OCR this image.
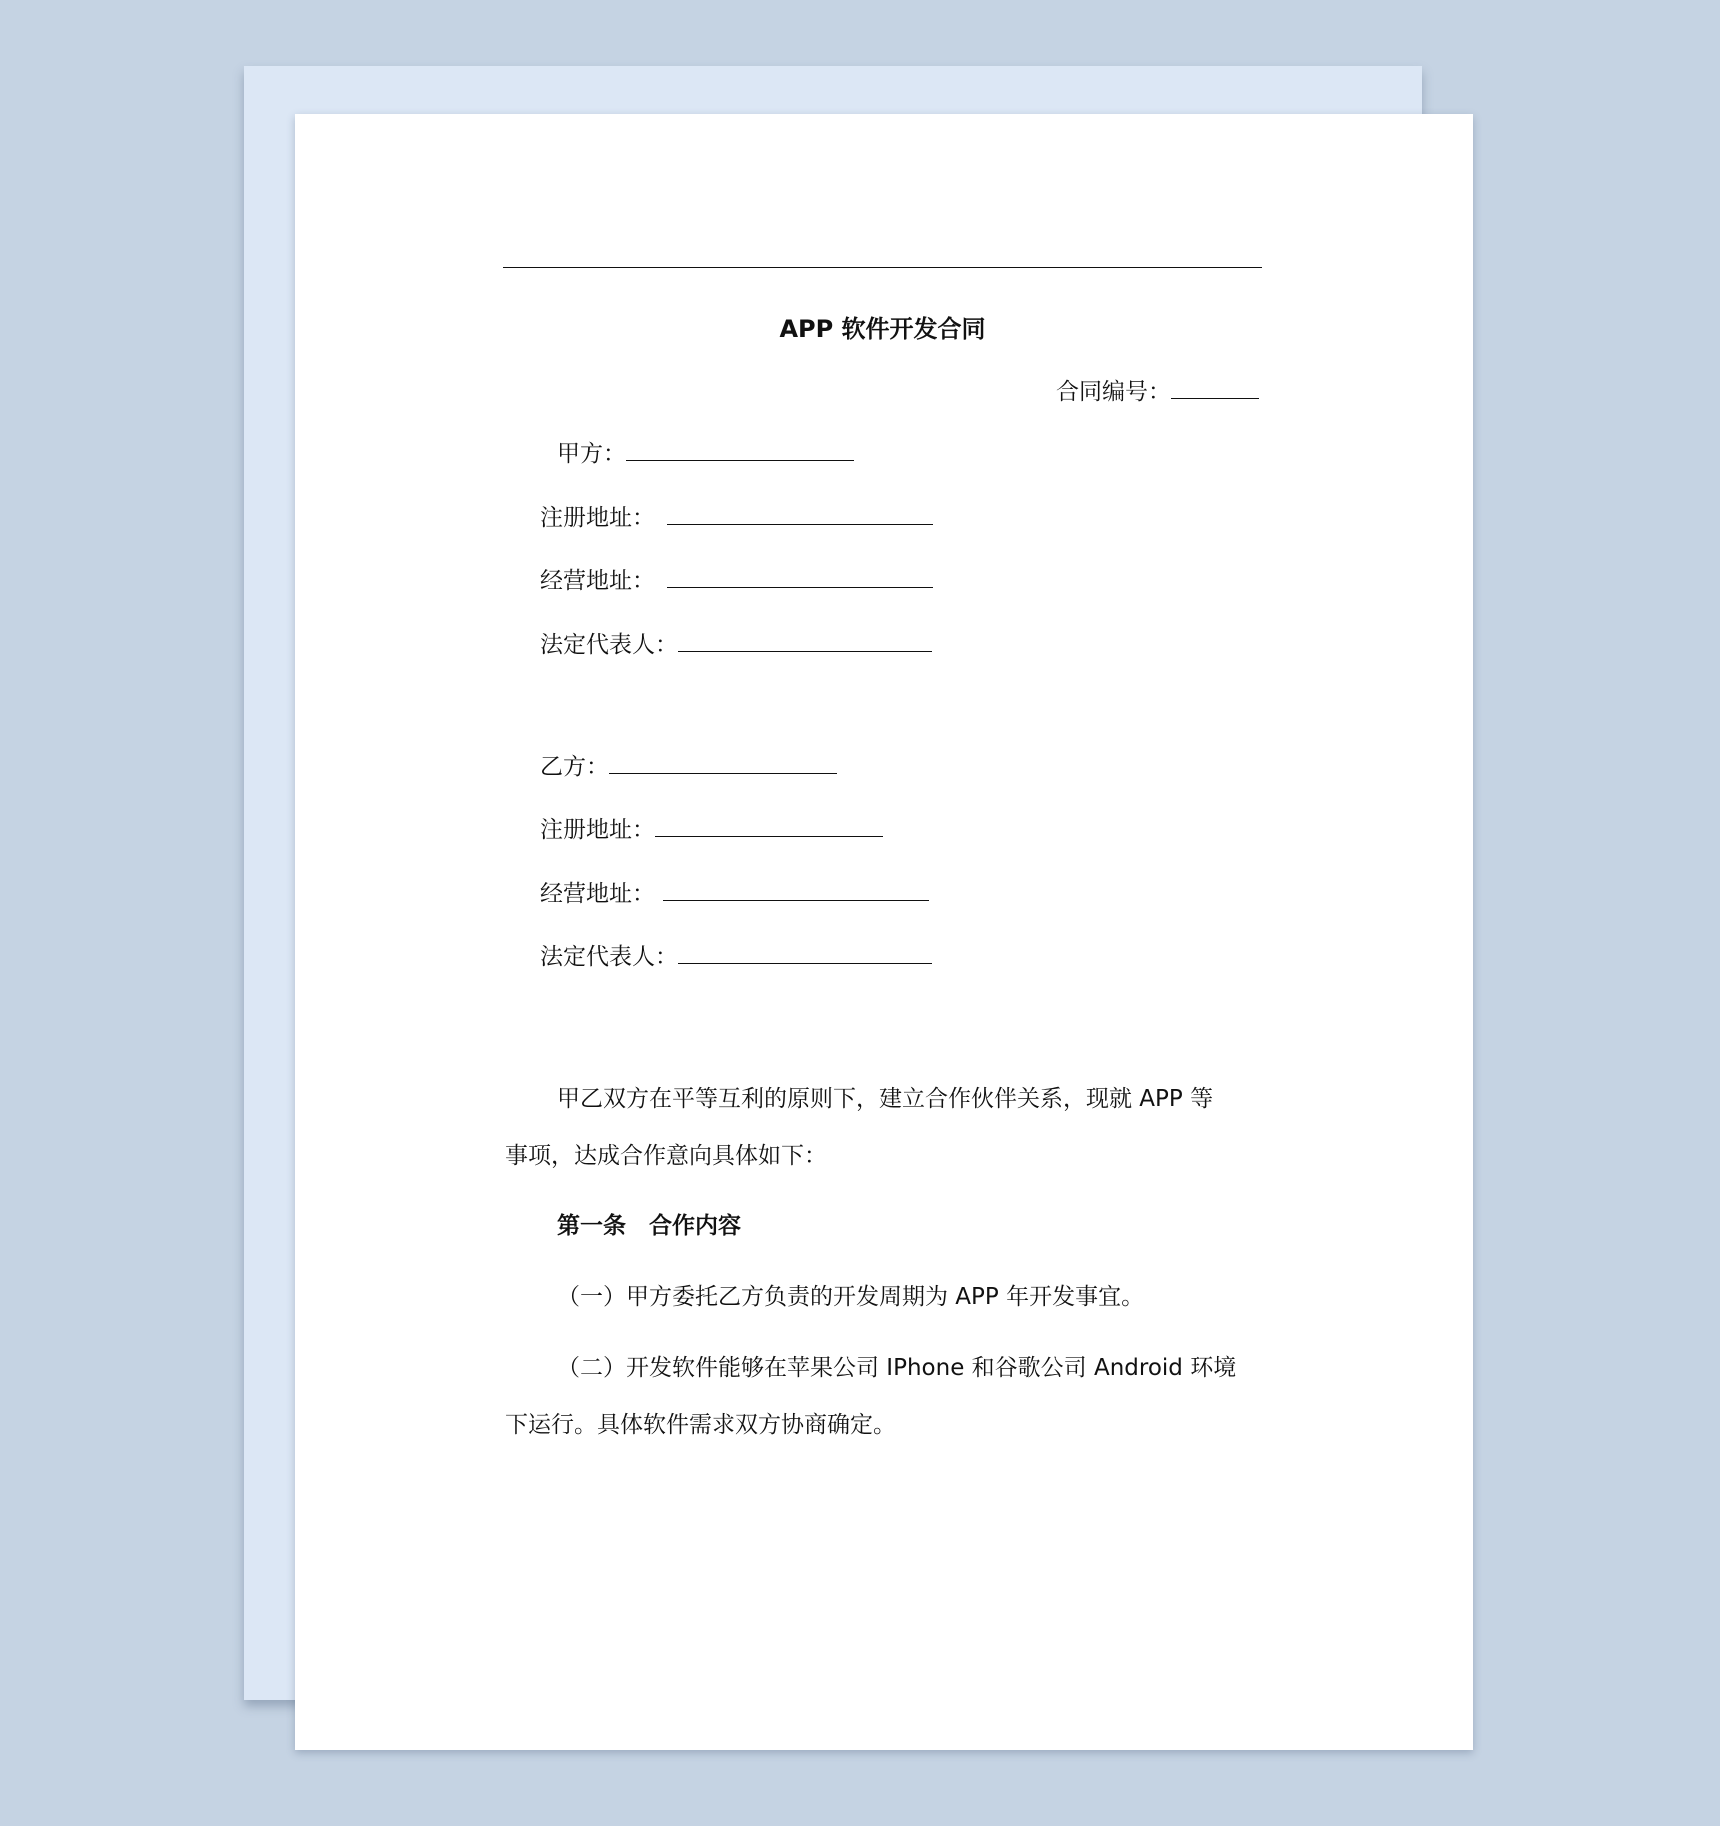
APP 软件开发合同
合同编号：
甲方：
注册地址：
经营地址：
法定代表人：
乙方：
注册地址：
经营地址：
法定代表人：
甲乙双方在平等互利的原则下，建立合作伙伴关系，现就 APP 等
事项，达成合作意向具体如下：
第一条　合作内容
（一）甲方委托乙方负责的开发周期为 APP 年开发事宜。
（二）开发软件能够在苹果公司 IPhone 和谷歌公司 Android 环境
下运行。具体软件需求双方协商确定。
